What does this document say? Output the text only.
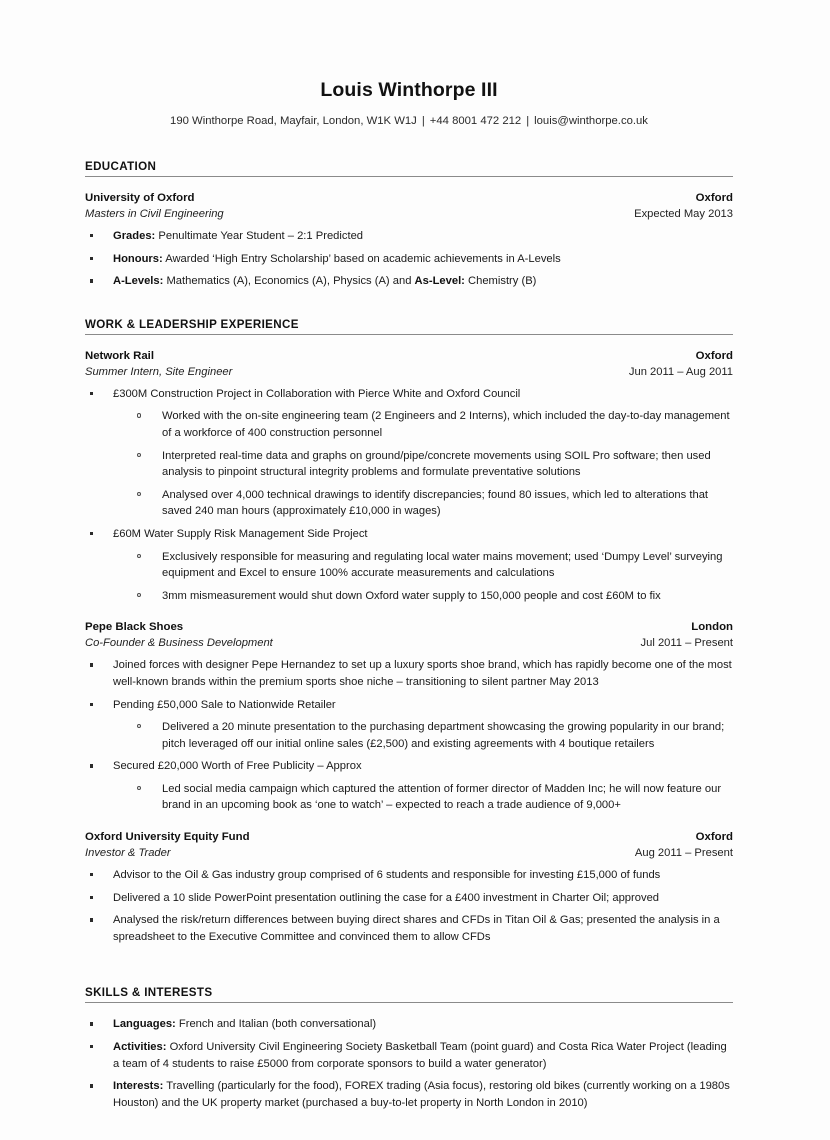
Louis Winthorpe III
190 Winthorpe Road, Mayfair, London, W1K W1J | +44 8001 472 212 | louis@winthorpe.co.uk
EDUCATION
University of Oxford	Oxford
Masters in Civil Engineering	Expected May 2013
Grades: Penultimate Year Student – 2:1 Predicted
Honours: Awarded ‘High Entry Scholarship’ based on academic achievements in A-Levels
A-Levels: Mathematics (A), Economics (A), Physics (A) and As-Level: Chemistry (B)
WORK & LEADERSHIP EXPERIENCE
Network Rail	Oxford
Summer Intern, Site Engineer	Jun 2011 – Aug 2011
£300M Construction Project in Collaboration with Pierce White and Oxford Council
Worked with the on-site engineering team (2 Engineers and 2 Interns), which included the day-to-day management of a workforce of 400 construction personnel
Interpreted real-time data and graphs on ground/pipe/concrete movements using SOIL Pro software; then used analysis to pinpoint structural integrity problems and formulate preventative solutions
Analysed over 4,000 technical drawings to identify discrepancies; found 80 issues, which led to alterations that saved 240 man hours (approximately £10,000 in wages)
£60M Water Supply Risk Management Side Project
Exclusively responsible for measuring and regulating local water mains movement; used ‘Dumpy Level’ surveying equipment and Excel to ensure 100% accurate measurements and calculations
3mm mismeasurement would shut down Oxford water supply to 150,000 people and cost £60M to fix
Pepe Black Shoes	London
Co-Founder & Business Development	Jul 2011 – Present
Joined forces with designer Pepe Hernandez to set up a luxury sports shoe brand, which has rapidly become one of the most well-known brands within the premium sports shoe niche – transitioning to silent partner May 2013
Pending £50,000 Sale to Nationwide Retailer
Delivered a 20 minute presentation to the purchasing department showcasing the growing popularity in our brand; pitch leveraged off our initial online sales (£2,500) and existing agreements with 4 boutique retailers
Secured £20,000 Worth of Free Publicity – Approx
Led social media campaign which captured the attention of former director of Madden Inc; he will now feature our brand in an upcoming book as ‘one to watch’ – expected to reach a trade audience of 9,000+
Oxford University Equity Fund	Oxford
Investor & Trader	Aug 2011 – Present
Advisor to the Oil & Gas industry group comprised of 6 students and responsible for investing £15,000 of funds
Delivered a 10 slide PowerPoint presentation outlining the case for a £400 investment in Charter Oil; approved
Analysed the risk/return differences between buying direct shares and CFDs in Titan Oil & Gas; presented the analysis in a spreadsheet to the Executive Committee and convinced them to allow CFDs
SKILLS & INTERESTS
Languages: French and Italian (both conversational)
Activities: Oxford University Civil Engineering Society Basketball Team (point guard) and Costa Rica Water Project (leading a team of 4 students to raise £5000 from corporate sponsors to build a water generator)
Interests: Travelling (particularly for the food), FOREX trading (Asia focus), restoring old bikes (currently working on a 1980s Houston) and the UK property market (purchased a buy-to-let property in North London in 2010)
